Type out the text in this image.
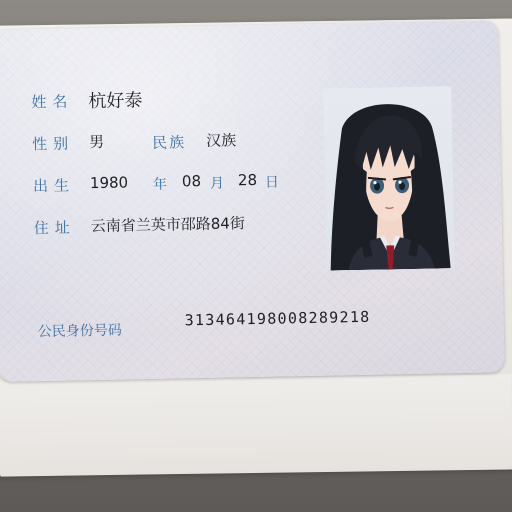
姓名 杭好泰
性别 男	民族 汉族
出生 1980 年 08 月 28 日
住址 云南省兰英市邵路84街
公民身份号码
313464198008289218
